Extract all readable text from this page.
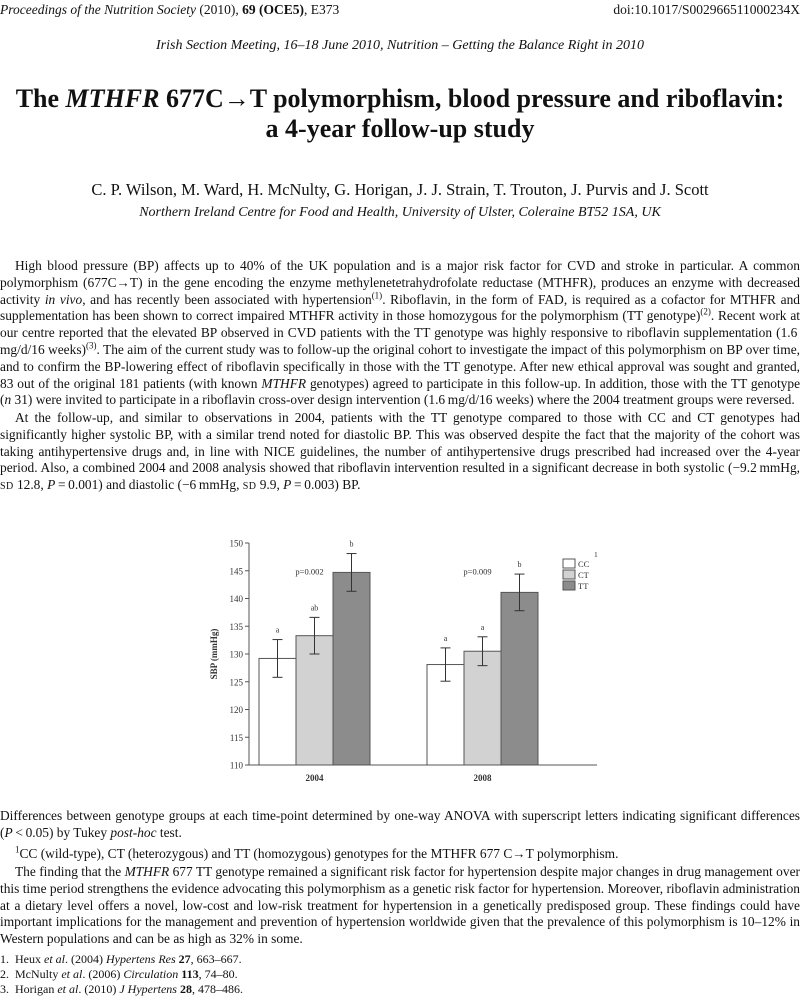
Proceedings of the Nutrition Society (2010), 69 (OCE5), E373	doi:10.1017/S002966511000234X
Irish Section Meeting, 16–18 June 2010, Nutrition – Getting the Balance Right in 2010
The MTHFR 677C→T polymorphism, blood pressure and riboflavin:
a 4-year follow-up study
C. P. Wilson, M. Ward, H. McNulty, G. Horigan, J. J. Strain, T. Trouton, J. Purvis and J. Scott
Northern Ireland Centre for Food and Health, University of Ulster, Coleraine BT52 1SA, UK

High blood pressure (BP) affects up to 40% of the UK population and is a major risk factor for CVD and stroke in particular. A common polymorphism (677C→T) in the gene encoding the enzyme methylenetetrahydrofolate reductase (MTHFR), produces an enzyme with decreased activity in vivo, and has recently been associated with hypertension$^{(1)}$. Riboflavin, in the form of FAD, is required as a cofactor for MTHFR and supplementation has been shown to correct impaired MTHFR activity in those homozygous for the polymorphism (TT genotype)$^{(2)}$. Recent work at our centre reported that the elevated BP observed in CVD patients with the TT genotype was highly responsive to riboflavin supplementation (1.6 mg/d/16 weeks)$^{(3)}$. The aim of the current study was to follow-up the original cohort to investigate the impact of this polymorphism on BP over time, and to confirm the BP-lowering effect of riboflavin specifically in those with the TT genotype. After new ethical approval was sought and granted, 83 out of the original 181 patients (with known MTHFR genotypes) agreed to participate in this follow-up. In addition, those with the TT genotype (n 31) were invited to participate in a riboflavin cross-over design intervention (1.6 mg/d/16 weeks) where the 2004 treatment groups were reversed.

At the follow-up, and similar to observations in 2004, patients with the TT genotype compared to those with CC and CT genotypes had significantly higher systolic BP, with a similar trend noted for diastolic BP. This was observed despite the fact that the majority of the cohort was taking antihypertensive drugs and, in line with NICE guidelines, the number of antihypertensive drugs prescribed had increased over the 4-year period. Also, a combined 2004 and 2008 analysis showed that riboflavin intervention resulted in a significant decrease in both systolic (−9.2 mmHg, SD 12.8, P = 0.001) and diastolic (−6 mmHg, SD 9.9, P = 0.003) BP.

110
115
120
125
130
135
140
145
150
SBP (mmHg)	a
ab
b
2004
p=0.002
a
a
b
2008
p=0.009
CC
CT
TT
1

Differences between genotype groups at each time-point determined by one-way ANOVA with superscript letters indicating significant differences (P < 0.05) by Tukey post-hoc test.

$^1$CC (wild-type), CT (heterozygous) and TT (homozygous) genotypes for the MTHFR 677 C→T polymorphism.

The finding that the MTHFR 677 TT genotype remained a significant risk factor for hypertension despite major changes in drug management over this time period strengthens the evidence advocating this polymorphism as a genetic risk factor for hypertension. Moreover, riboflavin administration at a dietary level offers a novel, low-cost and low-risk treatment for hypertension in a genetically predisposed group. These findings could have important implications for the management and prevention of hypertension worldwide given that the prevalence of this polymorphism is 10–12% in Western populations and can be as high as 32% in some.

1. Heux et al. (2004) Hypertens Res 27, 663–667.
2. McNulty et al. (2006) Circulation 113, 74–80.
3. Horigan et al. (2010) J Hypertens 28, 478–486.
